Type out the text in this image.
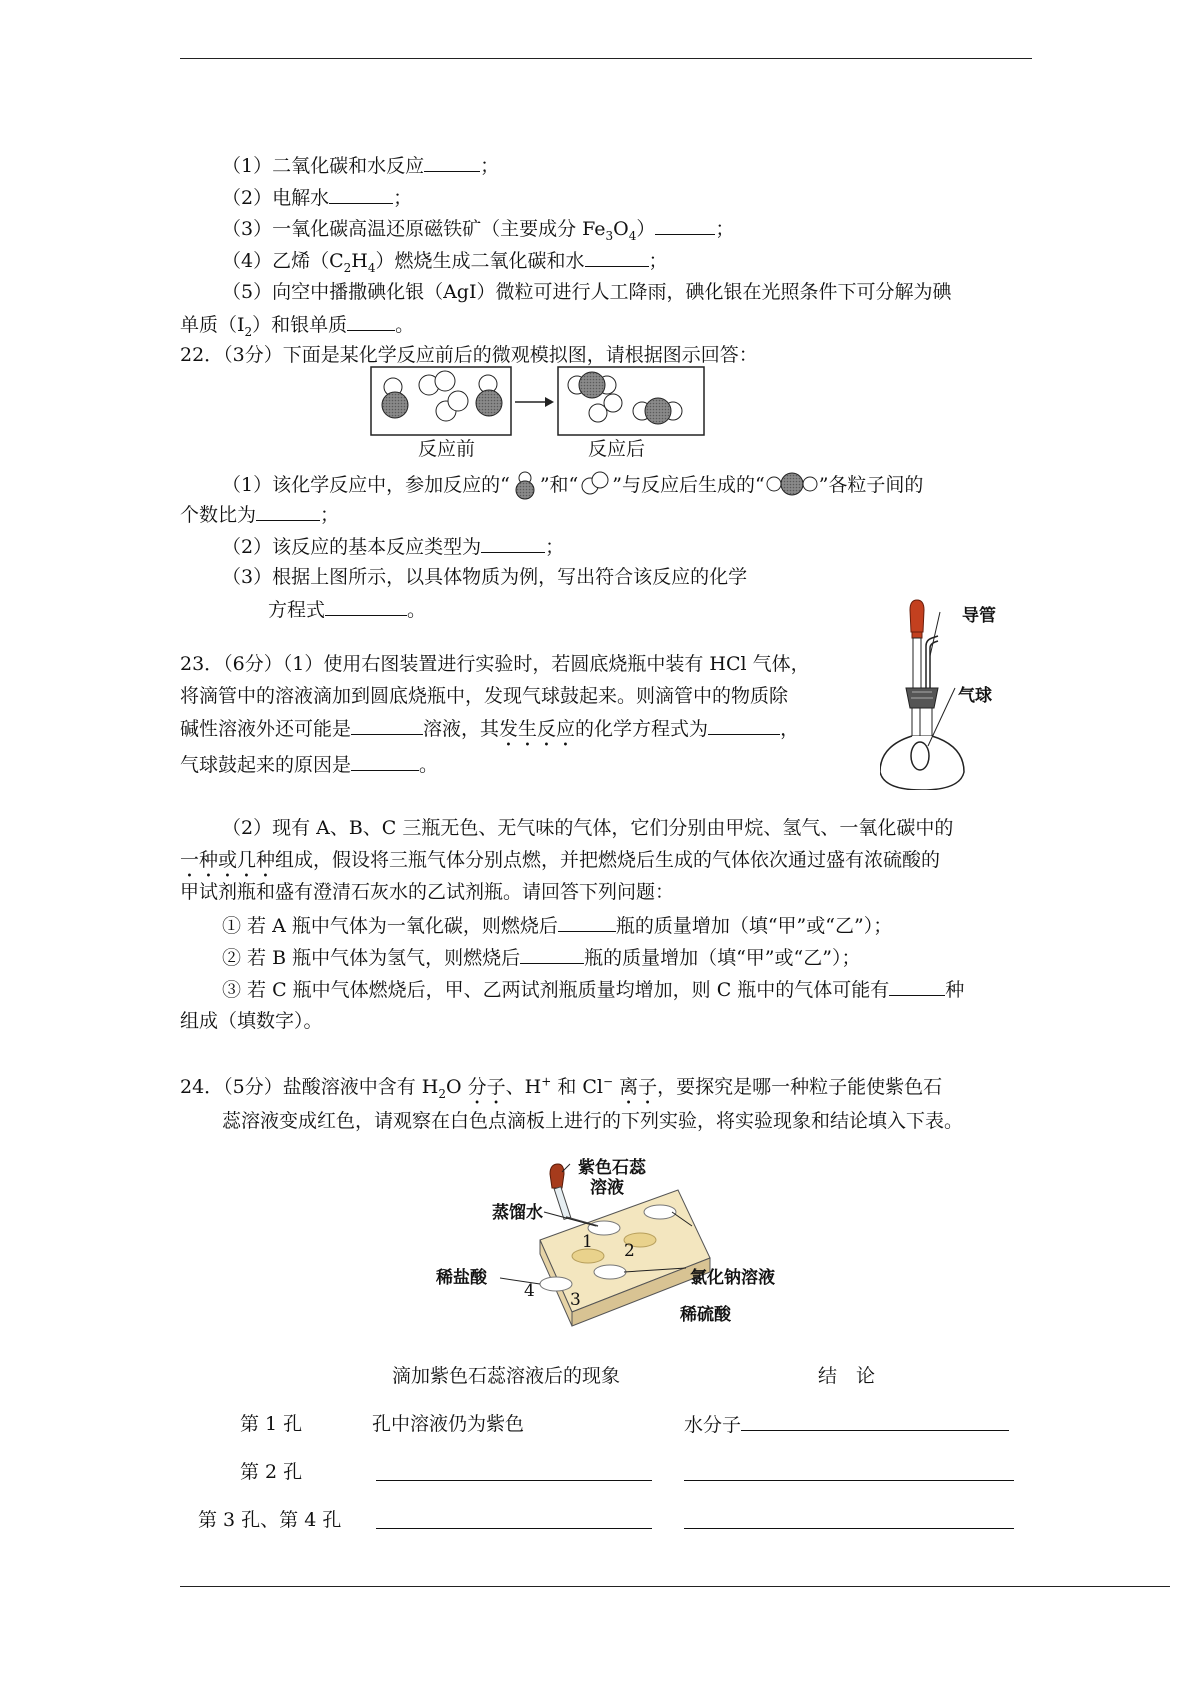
（1）二氧化碳和水反应	；
（2）电解水	；
（3）一氧化碳高温还原磁铁矿（主要成分 $Fe_3O_4$）	；
（4）乙烯$(C_2H_4)$燃烧生成二氧化碳和水	；
（5）向空中播撒碘化银（AgI）微粒可进行人工降雨，碘化银在光照条件下可分解为碘
单质$(I_2)$和银单质	。
22．（3分）下面是某化学反应前后的微观模拟图，请根据图示回答：
反应前	反应后
（1）该化学反应中，参加反应的“ ”和“ ”与反应后生成的“	”各粒子间的
个数比为	；
（2）该反应的基本反应类型为	；
（3）根据上图所示，以具体物质为例，写出符合该反应的化学
方程式	。	导管
气球
23．（6分）（1）使用右图装置进行实验时，若圆底烧瓶中装有 HCl 气体，
将滴管中的溶液滴加到圆底烧瓶中，发现气球鼓起来。则滴管中的物质除
碱性溶液外还可能是	溶液，其发生反应的化学方程式为	，
气球鼓起来的原因是	。
（2）现有 A、B、C 三瓶无色、无气味的气体，它们分别由甲烷、氢气、一氧化碳中的
一种或几种组成，假设将三瓶气体分别点燃，并把燃烧后生成的气体依次通过盛有浓硫酸的
甲试剂瓶和盛有澄清石灰水的乙试剂瓶。请回答下列问题：
① 若 A 瓶中气体为一氧化碳，则燃烧后	瓶的质量增加（填“甲”或“乙”）；
② 若 B 瓶中气体为氢气，则燃烧后	瓶的质量增加（填“甲”或“乙”）；
③ 若 C 瓶中气体燃烧后，甲、乙两试剂瓶质量均增加，则 C 瓶中的气体可能有	种
组成（填数字）。
24．（5分）盐酸溶液中含有 $H_2O$ 分子、H+ 和 Cl− 离子，要探究是哪一种粒子能使紫色石
蕊溶液变成红色，请观察在白色点滴板上进行的下列实验，将实验现象和结论填入下表。
紫色石蕊
溶液
蒸馏水
稀盐酸	氯化钠溶液
稀硫酸
1 2
3
4
滴加紫色石蕊溶液后的现象	结　论
第 1 孔	孔中溶液仍为紫色	水分子
第 2 孔
第 3 孔、第 4 孔
